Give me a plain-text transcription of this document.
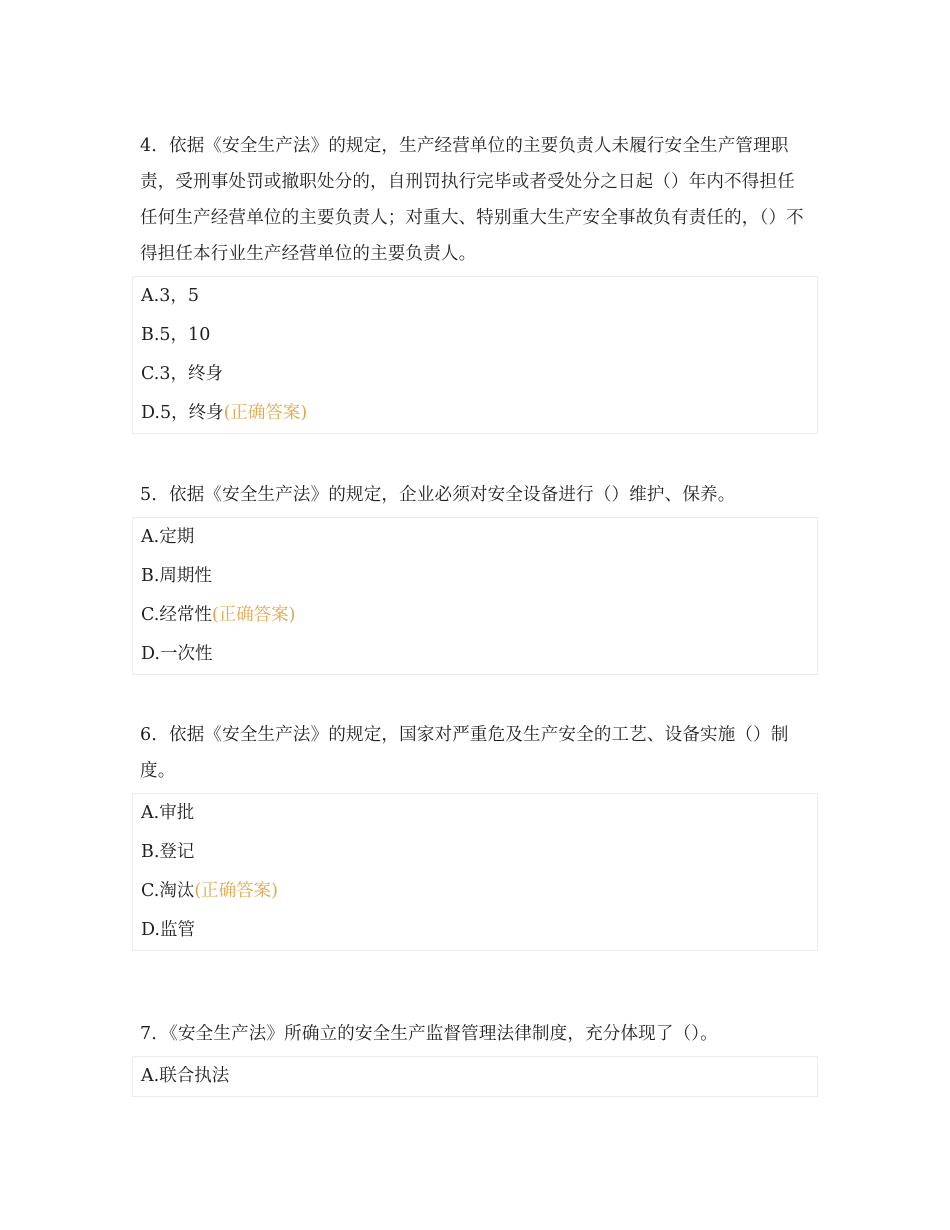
4．依据《安全生产法》的规定，生产经营单位的主要负责人未履行安全生产管理职责，受刑事处罚或撤职处分的，自刑罚执行完毕或者受处分之日起（）年内不得担任任何生产经营单位的主要负责人；对重大、特别重大生产安全事故负有责任的，（）不得担任本行业生产经营单位的主要负责人。

A.3，5
B.5，10
C.3，终身
D.5，终身(正确答案)

5．依据《安全生产法》的规定，企业必须对安全设备进行（）维护、保养。

A.定期
B.周期性
C.经常性(正确答案)
D.一次性

6．依据《安全生产法》的规定，国家对严重危及生产安全的工艺、设备实施（）制度。

A.审批
B.登记
C.淘汰(正确答案)
D.监管

7．《安全生产法》所确立的安全生产监督管理法律制度，充分体现了（）。

A.联合执法
